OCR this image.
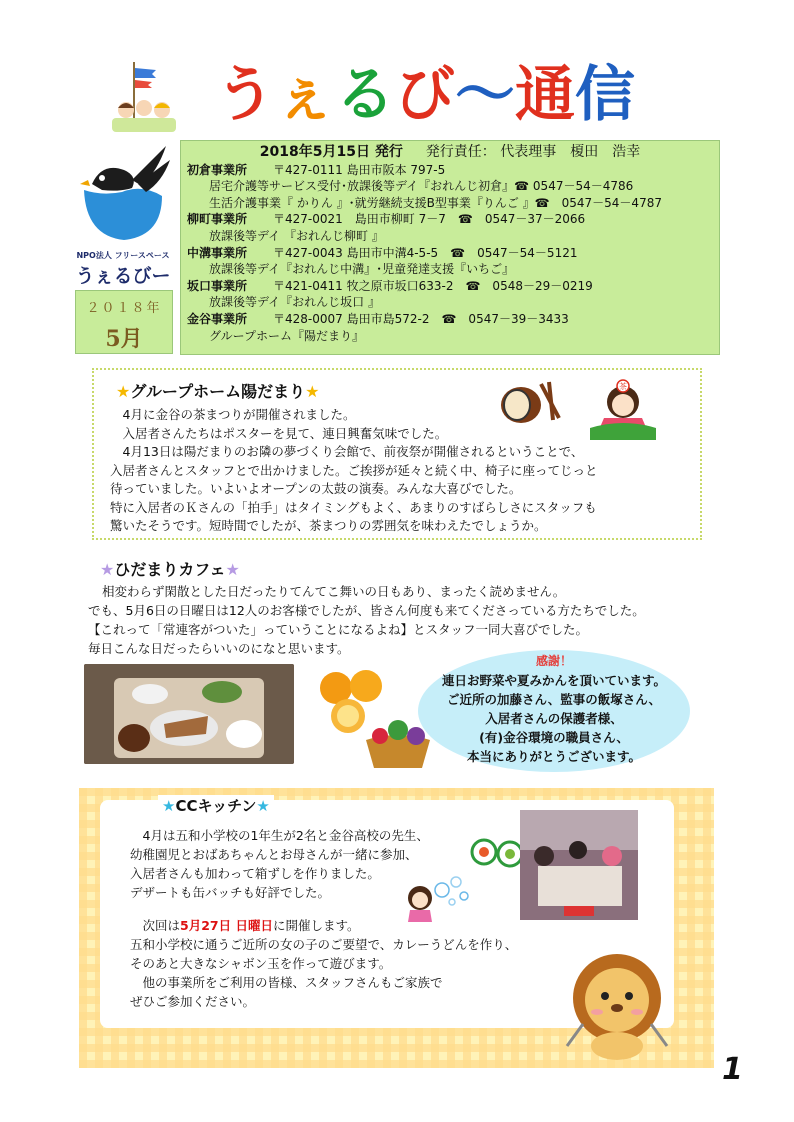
う ぇ る び ～ 通 信
NPO法人 フリースペース
うぇるびー
２０１８年
5月
2018年5月15日 発行 　 発行責任： 代表理事　榎田　浩幸
初倉事業所 〒427-0111 島田市阪本 797-5
居宅介護等サービス受付･放課後等デイ『おれんじ初倉』☎ 0547－54－4786
生活介護事業『 かりん 』･就労継続支援B型事業『りんご 』☎　0547－54－4787
柳町事業所 〒427-0021　島田市柳町 7－7　 ☎　0547－37－2066
放課後等デイ 『おれんじ柳町 』
中溝事業所 〒427-0043 島田市中溝4-5-5　 ☎　0547－54－5121
放課後等デイ『おれんじ中溝』･児童発達支援『いちご』
坂口事業所 〒421-0411 牧之原市坂口633-2　 ☎　0548－29－0219
放課後等デイ『おれんじ坂口 』
金谷事業所 〒428-0007 島田市島572-2　 ☎　0547－39－3433
グループホーム『陽だまり』
　4月に金谷の茶まつりが開催されました。
　入居者さんたちはポスターを見て、連日興奮気味でした。
　4月13日は陽だまりのお隣の夢づくり会館で、前夜祭が開催されるということで、
入居者さんとスタッフとで出かけました。ご挨拶が延々と続く中、椅子に座ってじっと
待っていました。いよいよオープンの太鼓の演奏。みんな大喜びでした。
特に入居者のＫさんの「拍手」はタイミングもよく、あまりのすばらしさにスタッフも
驚いたそうです。短時間でしたが、茶まつりの雰囲気を味わえたでしょうか。
★グループホーム陽だまり★	茶
★ひだまりカフェ★
相変わらず閑散とした日だったりてんてこ舞いの日もあり、まったく読めません。
でも、5月6日の日曜日は12人のお客様でしたが、皆さん何度も来てくださっている方たちでした。
【これって「常連客がついた」っていうことになるよね】とスタッフ一同大喜びでした。
毎日こんな日だったらいいのになと思います。
感謝！
連日お野菜や夏みかんを頂いています。
ご近所の加藤さん、監事の飯塚さん、
入居者さんの保護者様、
(有)金谷環境の職員さん、
本当にありがとうございます。
★CCキッチン★
　4月は五和小学校の1年生が2名と金谷高校の先生、
幼稚園児とおばあちゃんとお母さんが一緒に参加、
入居者さんも加わって箱ずしを作りました。
デザートも缶バッチも好評でした。
　次回は5月27日 日曜日に開催します。
五和小学校に通うご近所の女の子のご要望で、カレーうどんを作り、
そのあと大きなシャボン玉を作って遊びます。
　他の事業所をご利用の皆様、スタッフさんもご家族で
ぜひご参加ください。
1
